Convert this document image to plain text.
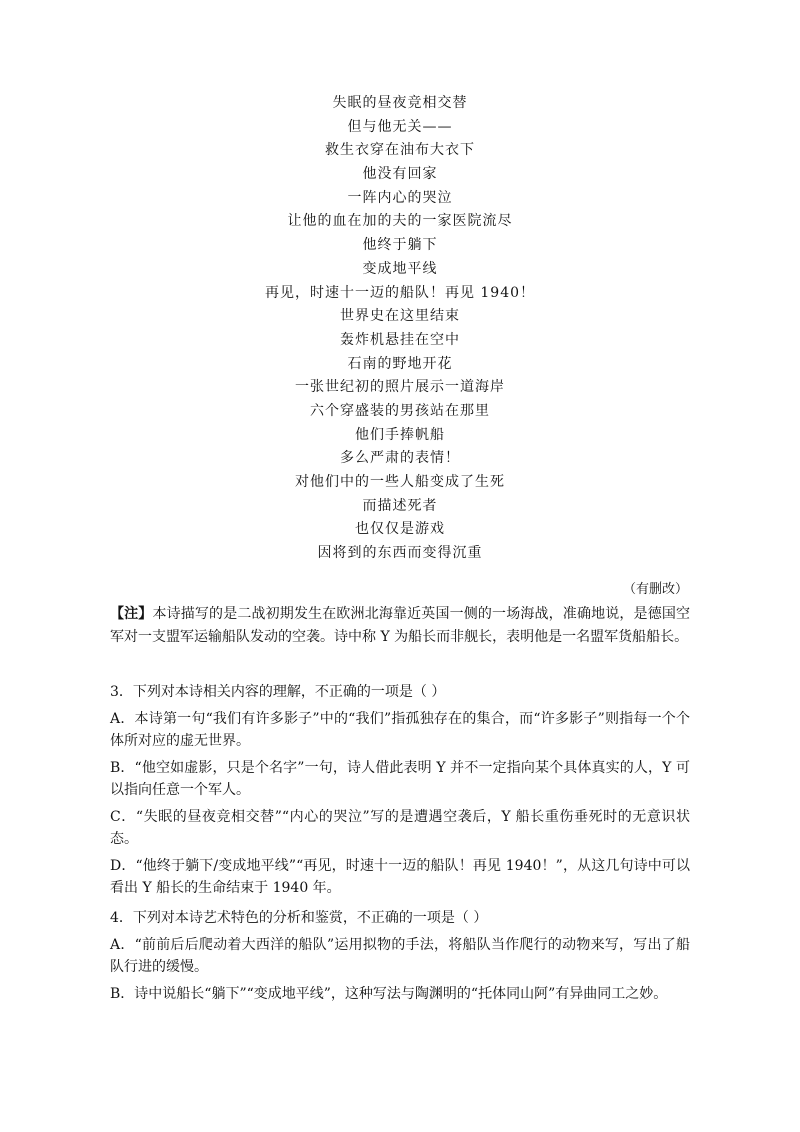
失眠的昼夜竞相交替
但与他无关——
救生衣穿在油布大衣下
他没有回家
一阵内心的哭泣
让他的血在加的夫的一家医院流尽
他终于躺下
变成地平线
再见，时速十一迈的船队！再见 1940！
世界史在这里结束
轰炸机悬挂在空中
石南的野地开花
一张世纪初的照片展示一道海岸
六个穿盛装的男孩站在那里
他们手捧帆船
多么严肃的表情！
对他们中的一些人船变成了生死
而描述死者
也仅仅是游戏
因将到的东西而变得沉重
（有删改）

【注】本诗描写的是二战初期发生在欧洲北海靠近英国一侧的一场海战，准确地说，是德国空军对一支盟军运输船队发动的空袭。诗中称 Y 为船长而非舰长，表明他是一名盟军货船船长。

3．下列对本诗相关内容的理解，不正确的一项是（ ）

A．本诗第一句“我们有许多影子”中的“我们”指孤独存在的集合，而“许多影子”则指每一个个体所对应的虚无世界。

B．“他空如虚影，只是个名字”一句，诗人借此表明 Y 并不一定指向某个具体真实的人，Y 可以指向任意一个军人。

C．“失眠的昼夜竞相交替”“内心的哭泣”写的是遭遇空袭后，Y 船长重伤垂死时的无意识状态。

D．“他终于躺下/变成地平线”“再见，时速十一迈的船队！再见 1940！”，从这几句诗中可以看出 Y 船长的生命结束于 1940 年。

4．下列对本诗艺术特色的分析和鉴赏，不正确的一项是（ ）

A．“前前后后爬动着大西洋的船队”运用拟物的手法，将船队当作爬行的动物来写，写出了船队行进的缓慢。

B．诗中说船长“躺下”“变成地平线”，这种写法与陶渊明的“托体同山阿”有异曲同工之妙。
